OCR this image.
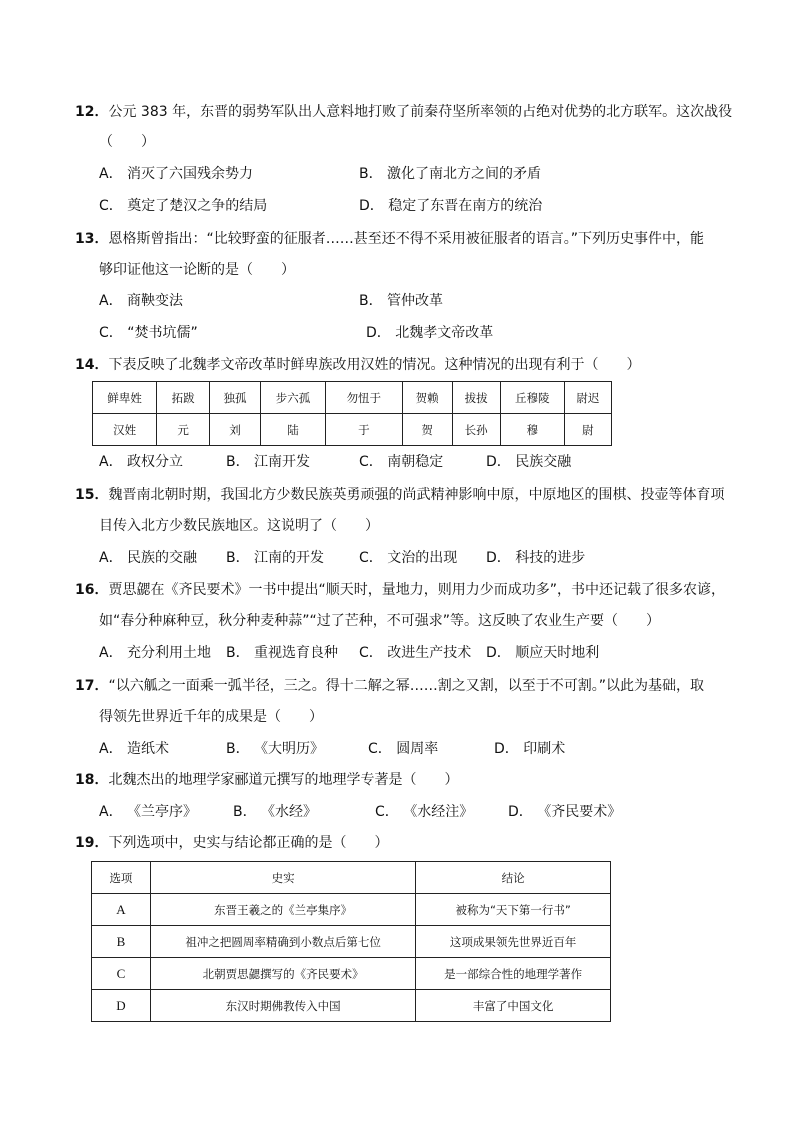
12．公元 383 年，东晋的弱势军队出人意料地打败了前秦苻坚所率领的占绝对优势的北方联军。这次战役
（　　）
A． 消灭了六国残余势力	B． 激化了南北方之间的矛盾
C． 奠定了楚汉之争的结局	D． 稳定了东晋在南方的统治
13．恩格斯曾指出：“比较野蛮的征服者……甚至还不得不采用被征服者的语言。”下列历史事件中，能
够印证他这一论断的是（　　）
A． 商鞅变法	B． 管仲改革
C． “焚书坑儒”	D． 北魏孝文帝改革
14．下表反映了北魏孝文帝改革时鲜卑族改用汉姓的情况。这种情况的出现有利于（　　）
鲜卑姓	拓跋	独孤	步六孤	勿忸于	贺赖	拔拔	丘穆陵	尉迟
汉姓	元	刘	陆	于	贺	长孙	穆	尉
A． 政权分立	B． 江南开发	C． 南朝稳定	D． 民族交融
15．魏晋南北朝时期，我国北方少数民族英勇顽强的尚武精神影响中原，中原地区的围棋、投壶等体育项
目传入北方少数民族地区。这说明了（　　）
A． 民族的交融 B． 江南的开发 C． 文治的出现 D． 科技的进步
16．贾思勰在《齐民要术》一书中提出“顺天时，量地力，则用力少而成功多”，书中还记载了很多农谚，
如“春分种麻种豆，秋分种麦种蒜”“过了芒种，不可强求”等。这反映了农业生产要（　　）
A． 充分利用土地 B． 重视选育良种 C． 改进生产技术 D． 顺应天时地利
17．“以六觚之一面乘一弧半径，三之。得十二解之幂……割之又割，以至于不可割。”以此为基础，取
得领先世界近千年的成果是（　　）
A． 造纸术	B． 《大明历》	C． 圆周率	D． 印刷术
18．北魏杰出的地理学家郦道元撰写的地理学专著是（　　）
A． 《兰亭序》	B． 《水经》	C． 《水经注》 D． 《齐民要术》
19．下列选项中，史实与结论都正确的是（　　）
选项	史实	结论
A	东晋王羲之的《兰亭集序》	被称为“天下第一行书”
B	祖冲之把圆周率精确到小数点后第七位	这项成果领先世界近百年
C	北朝贾思勰撰写的《齐民要术》	是一部综合性的地理学著作
D	东汉时期佛教传入中国	丰富了中国文化
